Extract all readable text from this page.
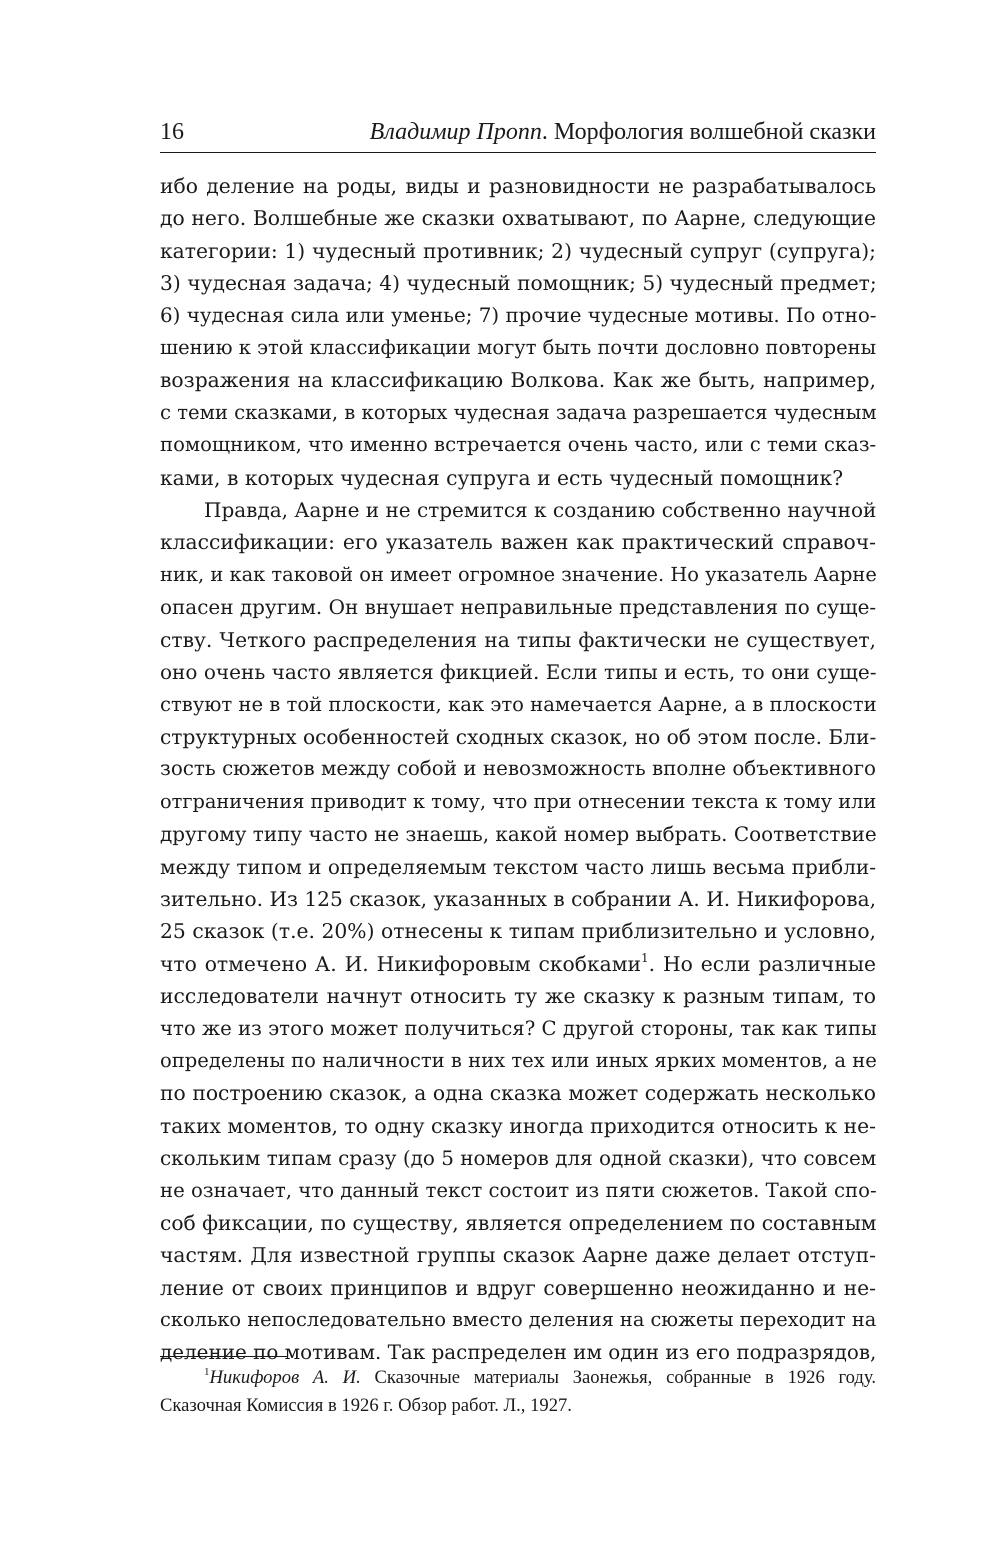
16	Владимир Пропп. Морфология волшебной сказки

ибо деление на роды, виды и разновидности не разрабатывалось
до него. Волшебные же сказки охватывают, по Аарне, следующие
категории: 1) чудесный противник; 2) чудесный супруг (супруга);
3) чудесная задача; 4) чудесный помощник; 5) чудесный предмет;
6) чудесная сила или уменье; 7) прочие чудесные мотивы. По отно-
шению к этой классификации могут быть почти дословно повторены
возражения на классификацию Волкова. Как же быть, например,
с теми сказками, в которых чудесная задача разрешается чудесным
помощником, что именно встречается очень часто, или с теми сказ-
ками, в которых чудесная супруга и есть чудесный помощник?

Правда, Аарне и не стремится к созданию собственно научной
классификации: его указатель важен как практический справоч-
ник, и как таковой он имеет огромное значение. Но указатель Аарне
опасен другим. Он внушает неправильные представления по суще-
ству. Четкого распределения на типы фактически не существует,
оно очень часто является фикцией. Если типы и есть, то они суще-
ствуют не в той плоскости, как это намечается Аарне, а в плоскости
структурных особенностей сходных сказок, но об этом после. Бли-
зость сюжетов между собой и невозможность вполне объективного
отграничения приводит к тому, что при отнесении текста к тому или
другому типу часто не знаешь, какой номер выбрать. Соответствие
между типом и определяемым текстом часто лишь весьма прибли-
зительно. Из 125 сказок, указанных в собрании А. И. Никифорова,
25 сказок (т.е. 20%) отнесены к типам приблизительно и условно,
что отмечено А. И. Никифоровым скобками$^1$. Но если различные
исследователи начнут относить ту же сказку к разным типам, то
что же из этого может получиться? С другой стороны, так как типы
определены по наличности в них тех или иных ярких моментов, а не
по построению сказок, а одна сказка может содержать несколько
таких моментов, то одну сказку иногда приходится относить к не-
скольким типам сразу (до 5 номеров для одной сказки), что совсем
не означает, что данный текст состоит из пяти сюжетов. Такой спо-
соб фиксации, по существу, является определением по составным
частям. Для известной группы сказок Аарне даже делает отступ-
ление от своих принципов и вдруг совершенно неожиданно и не-
сколько непоследовательно вместо деления на сюжеты переходит на
деление по мотивам. Так распределен им один из его подразрядов,

$^1$Никифоров А. И. Сказочные материалы Заонежья, собранные в 1926 году.
Сказочная Комиссия в 1926 г. Обзор работ. Л., 1927.
